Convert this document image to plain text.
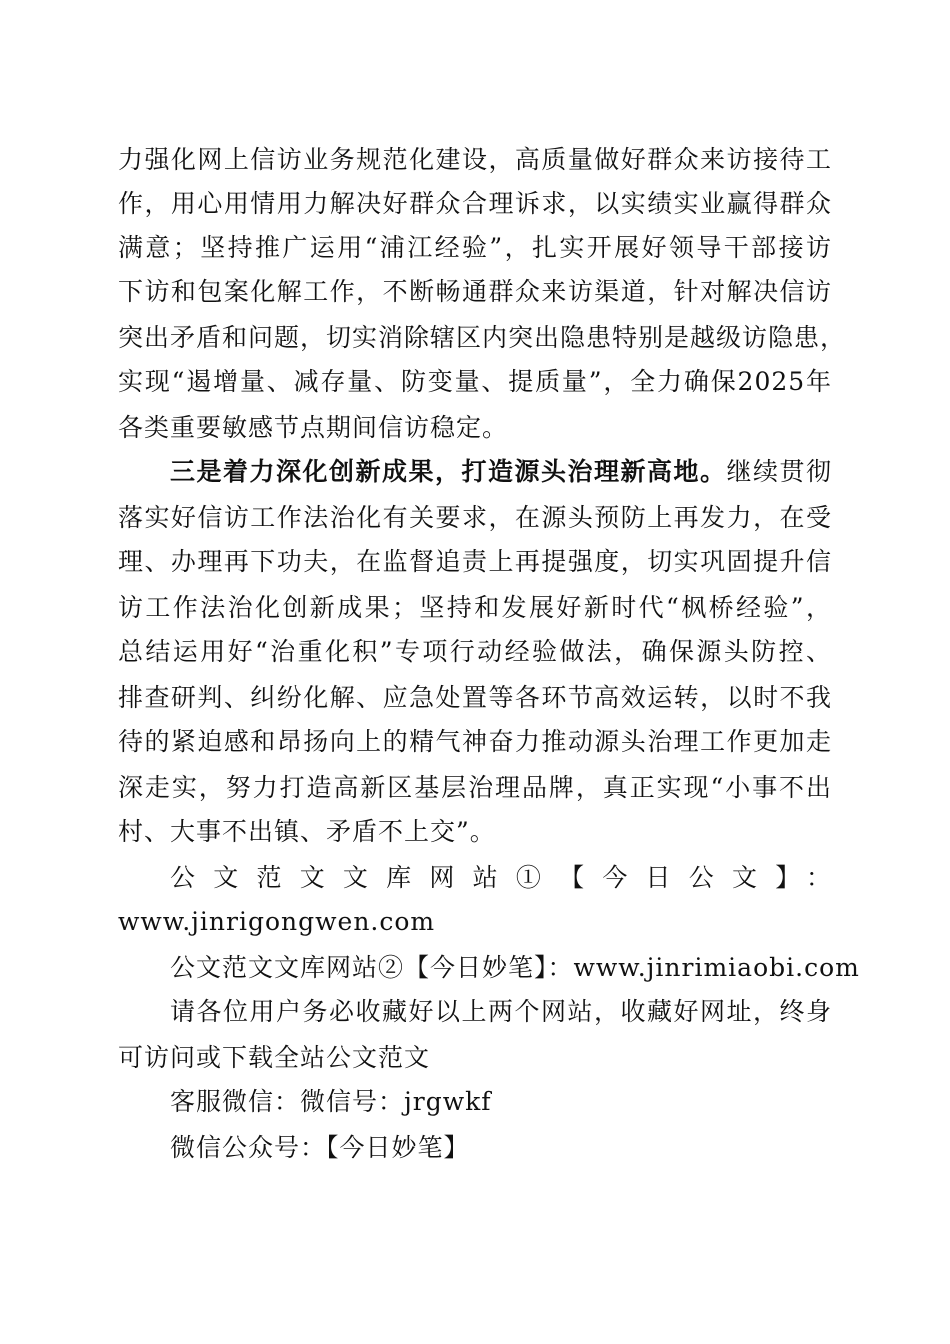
力强化网上信访业务规范化建设，高质量做好群众来访接待工
作，用心用情用力解决好群众合理诉求，以实绩实业赢得群众
满意；坚持推广运用“浦江经验”，扎实开展好领导干部接访
下访和包案化解工作，不断畅通群众来访渠道，针对解决信访
突出矛盾和问题，切实消除辖区内突出隐患特别是越级访隐患，
实现“遏增量、减存量、防变量、提质量”，全力确保2025年
各类重要敏感节点期间信访稳定。
三是着力深化创新成果，打造源头治理新高地。继续贯彻
落实好信访工作法治化有关要求，在源头预防上再发力，在受
理、办理再下功夫，在监督追责上再提强度，切实巩固提升信
访工作法治化创新成果；坚持和发展好新时代“枫桥经验”，
总结运用好“治重化积”专项行动经验做法，确保源头防控、
排查研判、纠纷化解、应急处置等各环节高效运转，以时不我
待的紧迫感和昂扬向上的精气神奋力推动源头治理工作更加走
深走实，努力打造高新区基层治理品牌，真正实现“小事不出
村、大事不出镇、矛盾不上交”。
公文范文文库网站①【今日公文】：
www.jinrigongwen.com
公文范文文库网站②【今日妙笔】：www.jinrimiaobi.com
请各位用户务必收藏好以上两个网站，收藏好网址，终身
可访问或下载全站公文范文
客服微信：微信号：jrgwkf
微信公众号：【今日妙笔】
